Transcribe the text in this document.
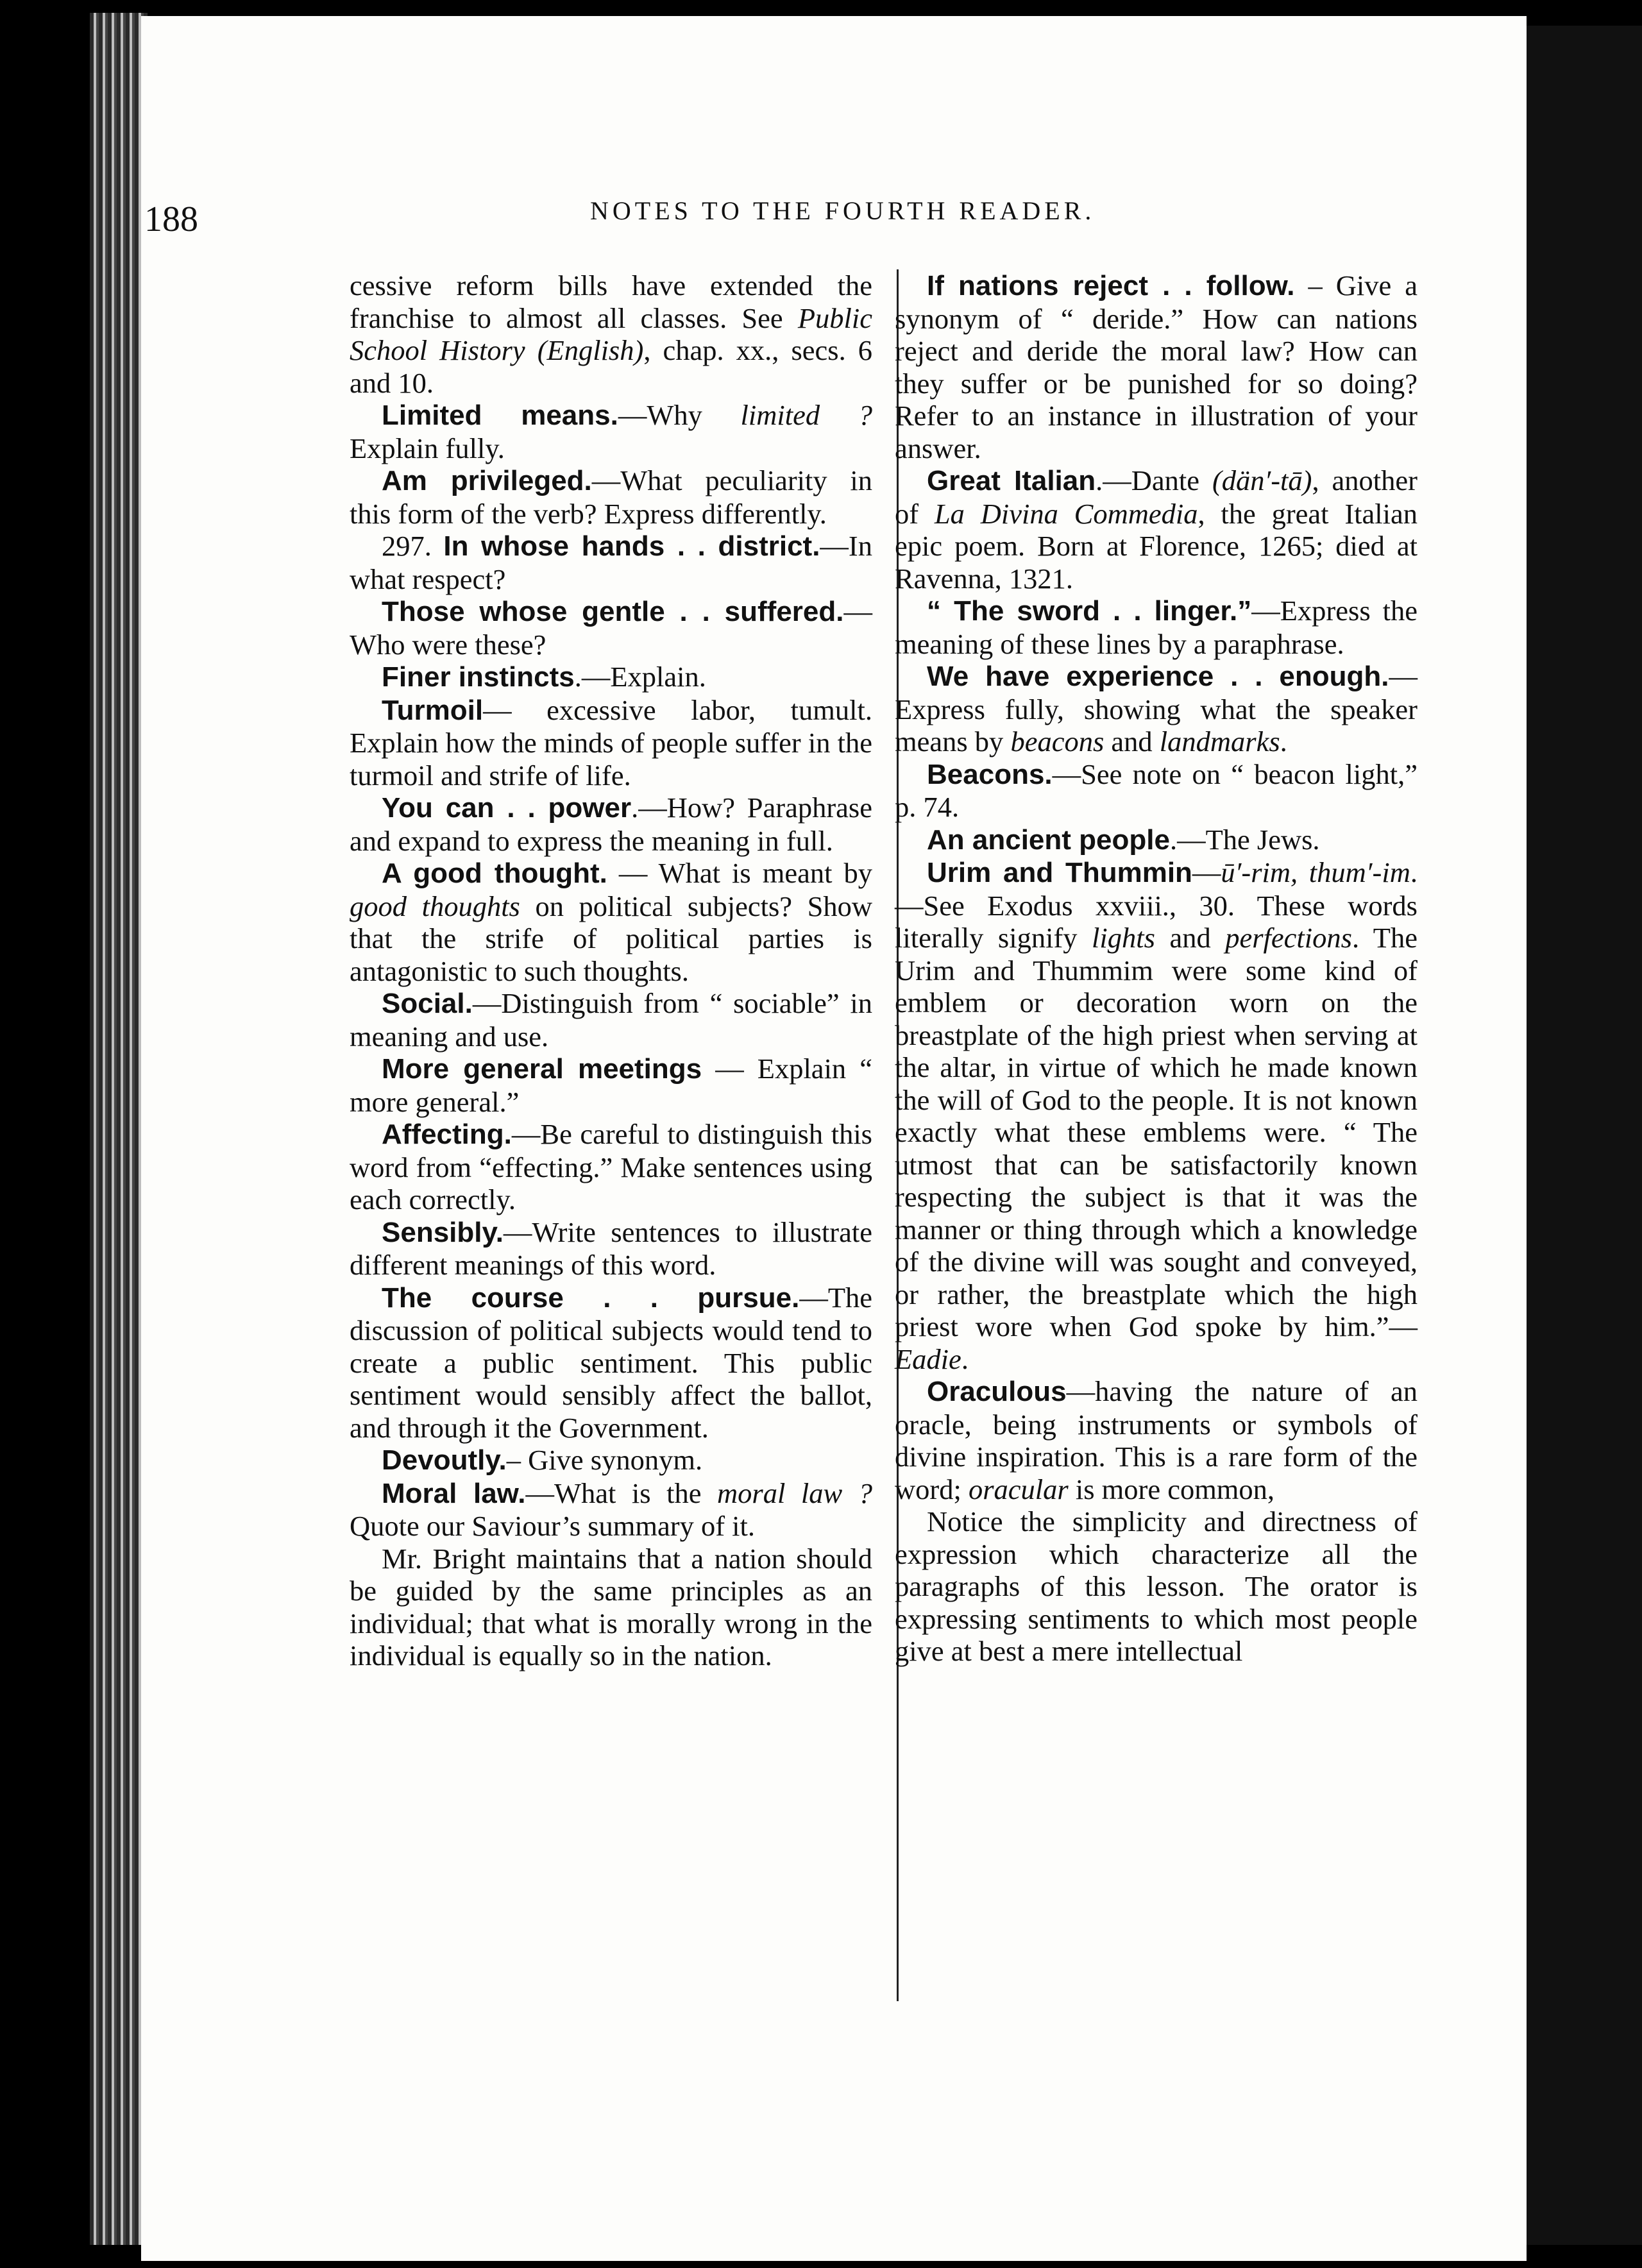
188	NOTES TO THE FOURTH READER.

cessive reform bills have extended the franchise to almost all classes. See Public School History (English), chap. xx., secs. 6 and 10.

Limited means.—Why limited ? Explain fully.

Am privileged.—What peculiarity in this form of the verb? Express differently.

297. In whose hands . . district.—In what respect?

Those whose gentle . . suffered.—Who were these?

Finer instincts.—Explain.

Turmoil— excessive labor, tumult. Explain how the minds of people suffer in the turmoil and strife of life.

You can . . power.—How? Paraphrase and expand to express the meaning in full.

A good thought. — What is meant by good thoughts on political subjects? Show that the strife of political parties is antagonistic to such thoughts.

Social.—Distinguish from “ sociable” in meaning and use.

More general meetings — Explain “ more general.”

Affecting.—Be careful to distinguish this word from “effecting.” Make sentences using each correctly.

Sensibly.—Write sentences to illustrate different meanings of this word.

The course . . pursue.—The discussion of political subjects would tend to create a public sentiment. This public sentiment would sensibly affect the ballot, and through it the Government.

Devoutly.– Give synonym.

Moral law.—What is the moral law ? Quote our Saviour’s summary of it.

Mr. Bright maintains that a nation should be guided by the same principles as an individual; that what is morally wrong in the individual is equally so in the nation.

If nations reject . . follow. – Give a synonym of “ deride.” How can nations reject and deride the moral law? How can they suffer or be punished for so doing? Refer to an instance in illustration of your answer.

Great Italian.—Dante (dän′-tā), another of La Divina Commedia, the great Italian epic poem. Born at Florence, 1265; died at Ravenna, 1321.

“ The sword . . linger.”—Express the meaning of these lines by a paraphrase.

We have experience . . enough.—Express fully, showing what the speaker means by beacons and landmarks.

Beacons.—See note on “ beacon light,” p. 74.

An ancient people.—The Jews.

Urim and Thummin—ū′-rim, thum′-im.—See Exodus xxviii., 30. These words literally signify lights and perfections. The Urim and Thummim were some kind of emblem or decoration worn on the breastplate of the high priest when serving at the altar, in virtue of which he made known the will of God to the people. It is not known exactly what these emblems were. “ The utmost that can be satisfactorily known respecting the subject is that it was the manner or thing through which a knowledge of the divine will was sought and conveyed, or rather, the breastplate which the high priest wore when God spoke by him.”—Eadie.

Oraculous—having the nature of an oracle, being instruments or symbols of divine inspiration. This is a rare form of the word; oracular is more common,

Notice the simplicity and directness of expression which characterize all the paragraphs of this lesson. The orator is expressing sentiments to which most people give at best a mere intellectual
